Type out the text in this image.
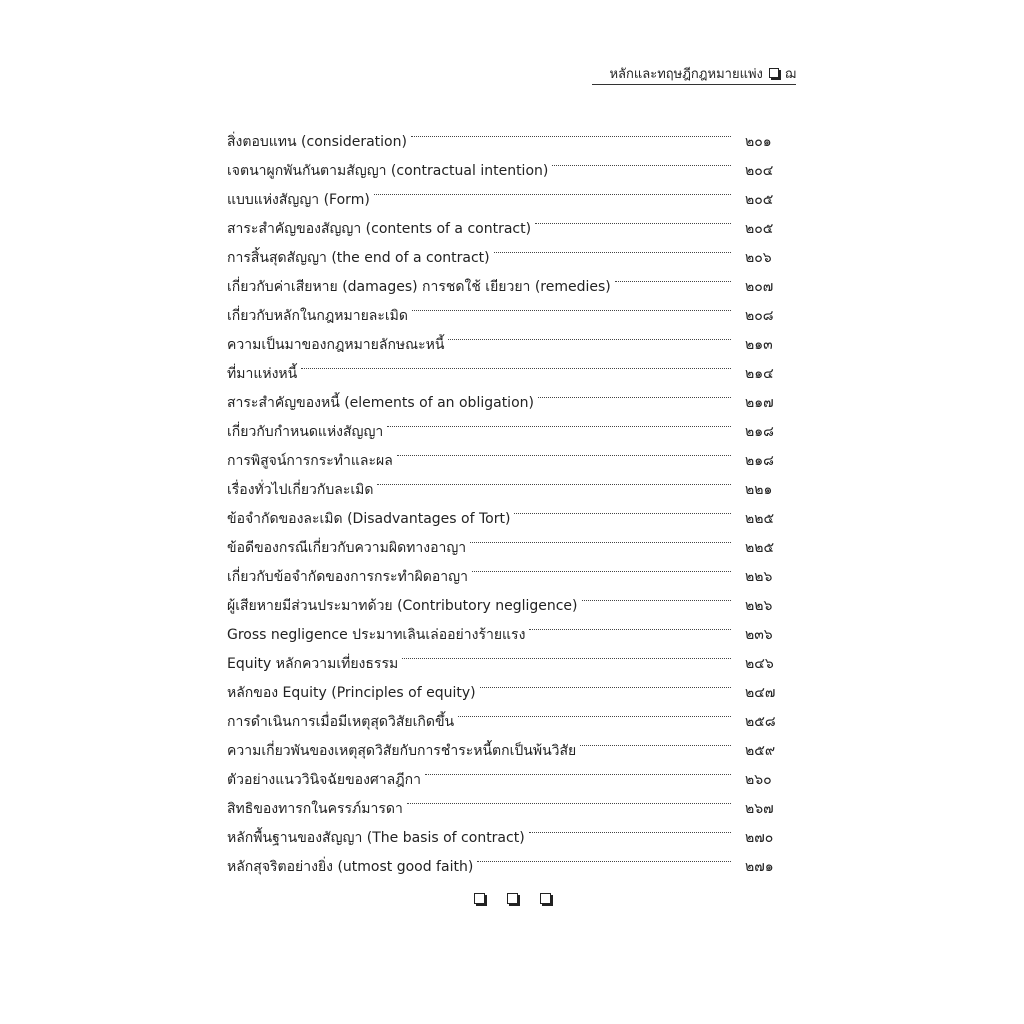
หลักและทฤษฎีกฎหมายแพ่ง ฌ
สิ่งตอบแทน (consideration)	๒๐๑
เจตนาผูกพันกันตามสัญญา (contractual intention)	๒๐๔
แบบแห่งสัญญา (Form)	๒๐๕
สาระสำคัญของสัญญา (contents of a contract)	๒๐๕
การสิ้นสุดสัญญา (the end of a contract)	๒๐๖
เกี่ยวกับค่าเสียหาย (damages) การชดใช้ เยียวยา (remedies)	๒๐๗
เกี่ยวกับหลักในกฎหมายละเมิด	๒๐๘
ความเป็นมาของกฎหมายลักษณะหนี้	๒๑๓
ที่มาแห่งหนี้	๒๑๔
สาระสำคัญของหนี้ (elements of an obligation)	๒๑๗
เกี่ยวกับกำหนดแห่งสัญญา	๒๑๘
การพิสูจน์การกระทำและผล	๒๑๘
เรื่องทั่วไปเกี่ยวกับละเมิด	๒๒๑
ข้อจำกัดของละเมิด (Disadvantages of Tort)	๒๒๕
ข้อดีของกรณีเกี่ยวกับความผิดทางอาญา	๒๒๕
เกี่ยวกับข้อจำกัดของการกระทำผิดอาญา	๒๒๖
ผู้เสียหายมีส่วนประมาทด้วย (Contributory negligence)	๒๒๖
Gross negligence ประมาทเลินเล่ออย่างร้ายแรง	๒๓๖
Equity หลักความเที่ยงธรรม	๒๔๖
หลักของ Equity (Principles of equity)	๒๔๗
การดำเนินการเมื่อมีเหตุสุดวิสัยเกิดขึ้น	๒๕๘
ความเกี่ยวพันของเหตุสุดวิสัยกับการชำระหนี้ตกเป็นพ้นวิสัย	๒๕๙
ตัวอย่างแนววินิจฉัยของศาลฎีกา	๒๖๐
สิทธิของทารกในครรภ์มารดา	๒๖๗
หลักพื้นฐานของสัญญา (The basis of contract)	๒๗๐
หลักสุจริตอย่างยิ่ง (utmost good faith)	๒๗๑
